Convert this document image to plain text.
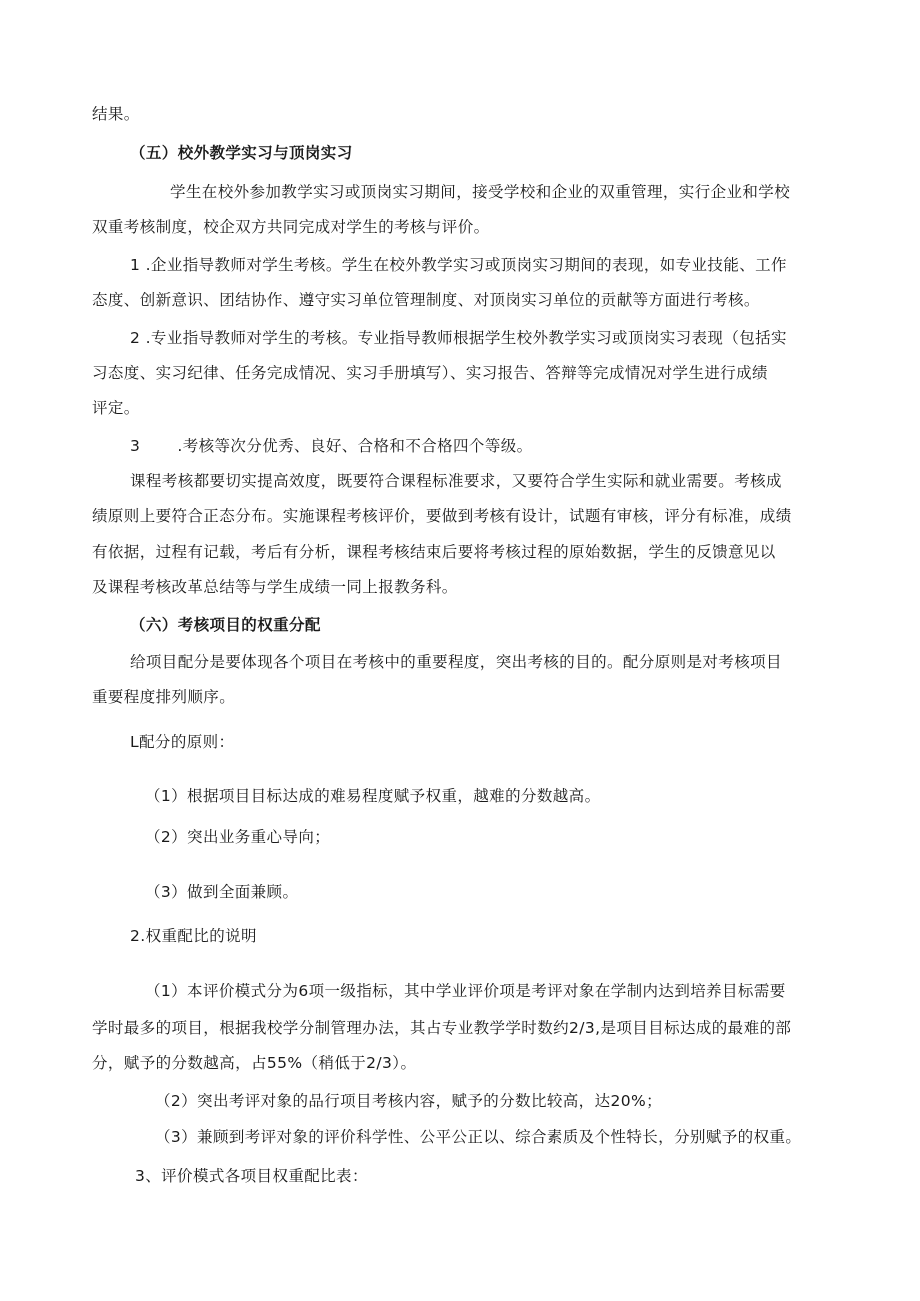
结果。
（五）校外教学实习与顶岗实习
学生在校外参加教学实习或顶岗实习期间，接受学校和企业的双重管理，实行企业和学校
双重考核制度，校企双方共同完成对学生的考核与评价。
1 .企业指导教师对学生考核。学生在校外教学实习或顶岗实习期间的表现，如专业技能、工作
态度、创新意识、团结协作、遵守实习单位管理制度、对顶岗实习单位的贡献等方面进行考核。
2 .专业指导教师对学生的考核。专业指导教师根据学生校外教学实习或顶岗实习表现（包括实
习态度、实习纪律、任务完成情况、实习手册填写）、实习报告、答辩等完成情况对学生进行成绩
评定。
3 　　.考核等次分优秀、良好、合格和不合格四个等级。
课程考核都要切实提高效度，既要符合课程标准要求，又要符合学生实际和就业需要。考核成
绩原则上要符合正态分布。实施课程考核评价，要做到考核有设计，试题有审核，评分有标准，成绩
有依据，过程有记载，考后有分析，课程考核结束后要将考核过程的原始数据，学生的反馈意见以
及课程考核改革总结等与学生成绩一同上报教务科。
（六）考核项目的权重分配
给项目配分是要体现各个项目在考核中的重要程度，突出考核的目的。配分原则是对考核项目
重要程度排列顺序。
L配分的原则：
（1）根据项目目标达成的难易程度赋予权重，越难的分数越高。
（2）突出业务重心导向；
（3）做到全面兼顾。
2.权重配比的说明
（1）本评价模式分为6项一级指标，其中学业评价项是考评对象在学制内达到培养目标需要
学时最多的项目，根据我校学分制管理办法，其占专业教学学时数约2/3,是项目目标达成的最难的部
分，赋予的分数越高，占55%（稍低于2/3）。
（2）突出考评对象的品行项目考核内容，赋予的分数比较高，达20%；
（3）兼顾到考评对象的评价科学性、公平公正以、综合素质及个性特长，分别赋予的权重。
3、评价模式各项目权重配比表：
